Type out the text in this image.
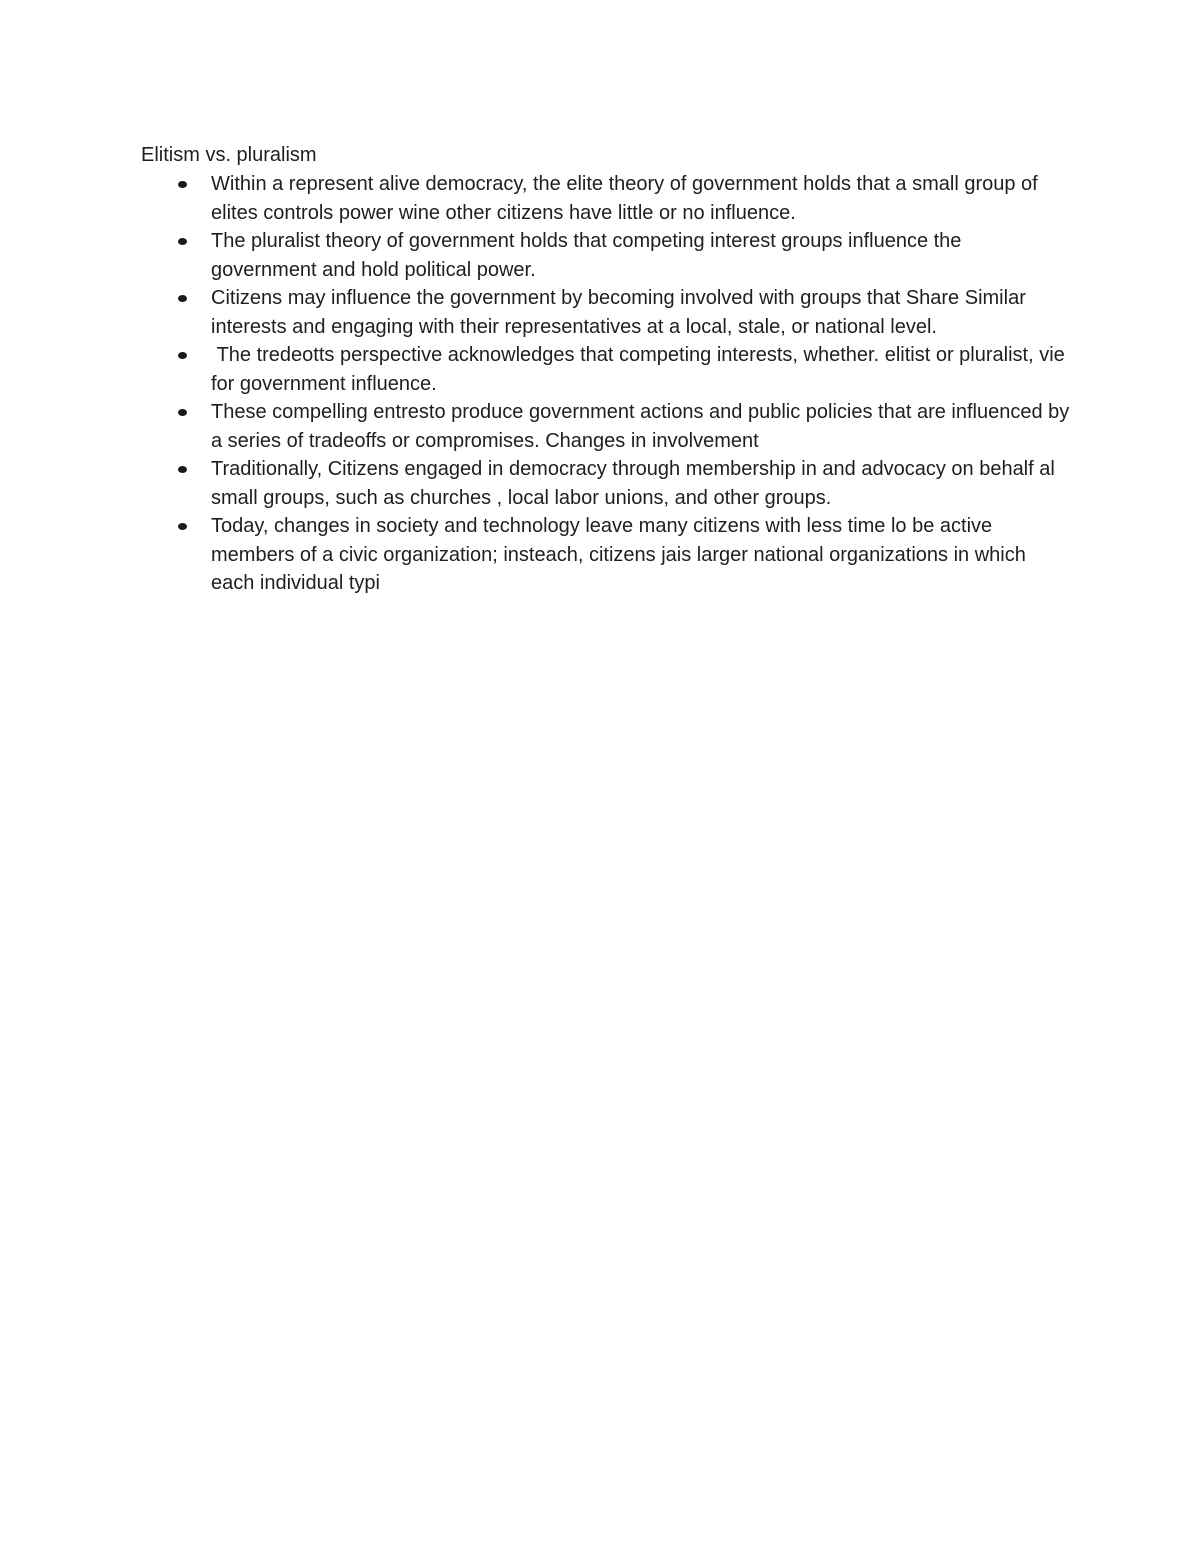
Elitism vs. pluralism
Within a represent alive democracy, the elite theory of government holds that a small group of elites controls power wine other citizens have little or no influence.
The pluralist theory of government holds that competing interest groups influence the government and hold political power.
Citizens may influence the government by becoming involved with groups that Share Similar interests and engaging with their representatives at a local, stale, or national level.
The tredeotts perspective acknowledges that competing interests, whether. elitist or pluralist, vie for government influence.
These compelling entresto produce government actions and public policies that are influenced by a series of tradeoffs or compromises. Changes in involvement
Traditionally, Citizens engaged in democracy through membership in and advocacy on behalf al small groups, such as churches , local labor unions, and other groups.
Today, changes in society and technology leave many citizens with less time lo be active members of a civic organization; insteach, citizens jais larger national organizations in which each individual typi
